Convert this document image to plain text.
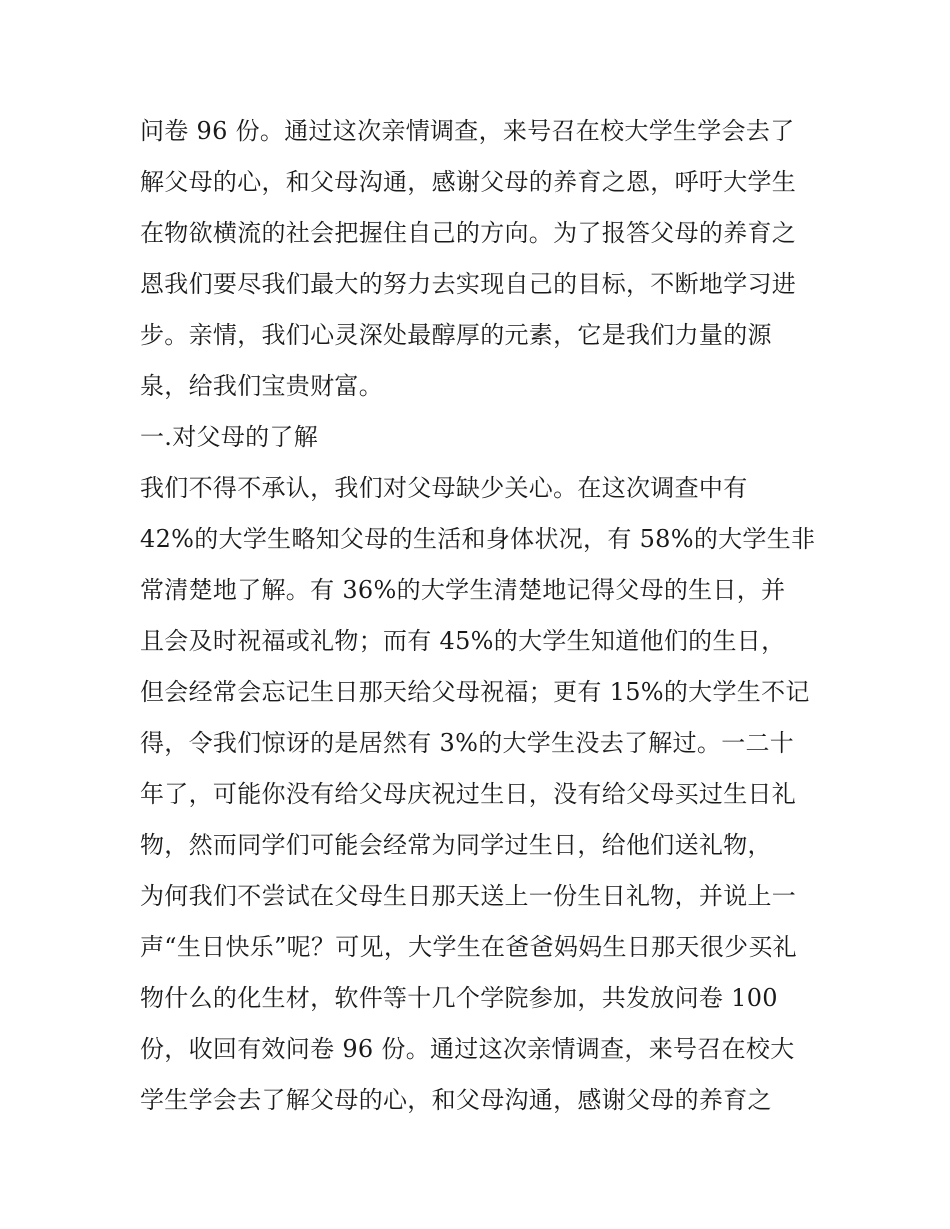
问卷 96 份。通过这次亲情调查，来号召在校大学生学会去了
解父母的心，和父母沟通，感谢父母的养育之恩，呼吁大学生
在物欲横流的社会把握住自己的方向。为了报答父母的养育之
恩我们要尽我们最大的努力去实现自己的目标，不断地学习进
步。亲情，我们心灵深处最醇厚的元素，它是我们力量的源
泉，给我们宝贵财富。
一.对父母的了解
我们不得不承认，我们对父母缺少关心。在这次调查中有
42%的大学生略知父母的生活和身体状况，有 58%的大学生非
常清楚地了解。有 36%的大学生清楚地记得父母的生日，并
且会及时祝福或礼物；而有 45%的大学生知道他们的生日，
但会经常会忘记生日那天给父母祝福；更有 15%的大学生不记
得，令我们惊讶的是居然有 3%的大学生没去了解过。一二十
年了，可能你没有给父母庆祝过生日，没有给父母买过生日礼
物，然而同学们可能会经常为同学过生日，给他们送礼物，
为何我们不尝试在父母生日那天送上一份生日礼物，并说上一
声“生日快乐”呢？可见，大学生在爸爸妈妈生日那天很少买礼
物什么的化生材，软件等十几个学院参加，共发放问卷 100
份，收回有效问卷 96 份。通过这次亲情调查，来号召在校大
学生学会去了解父母的心，和父母沟通，感谢父母的养育之
